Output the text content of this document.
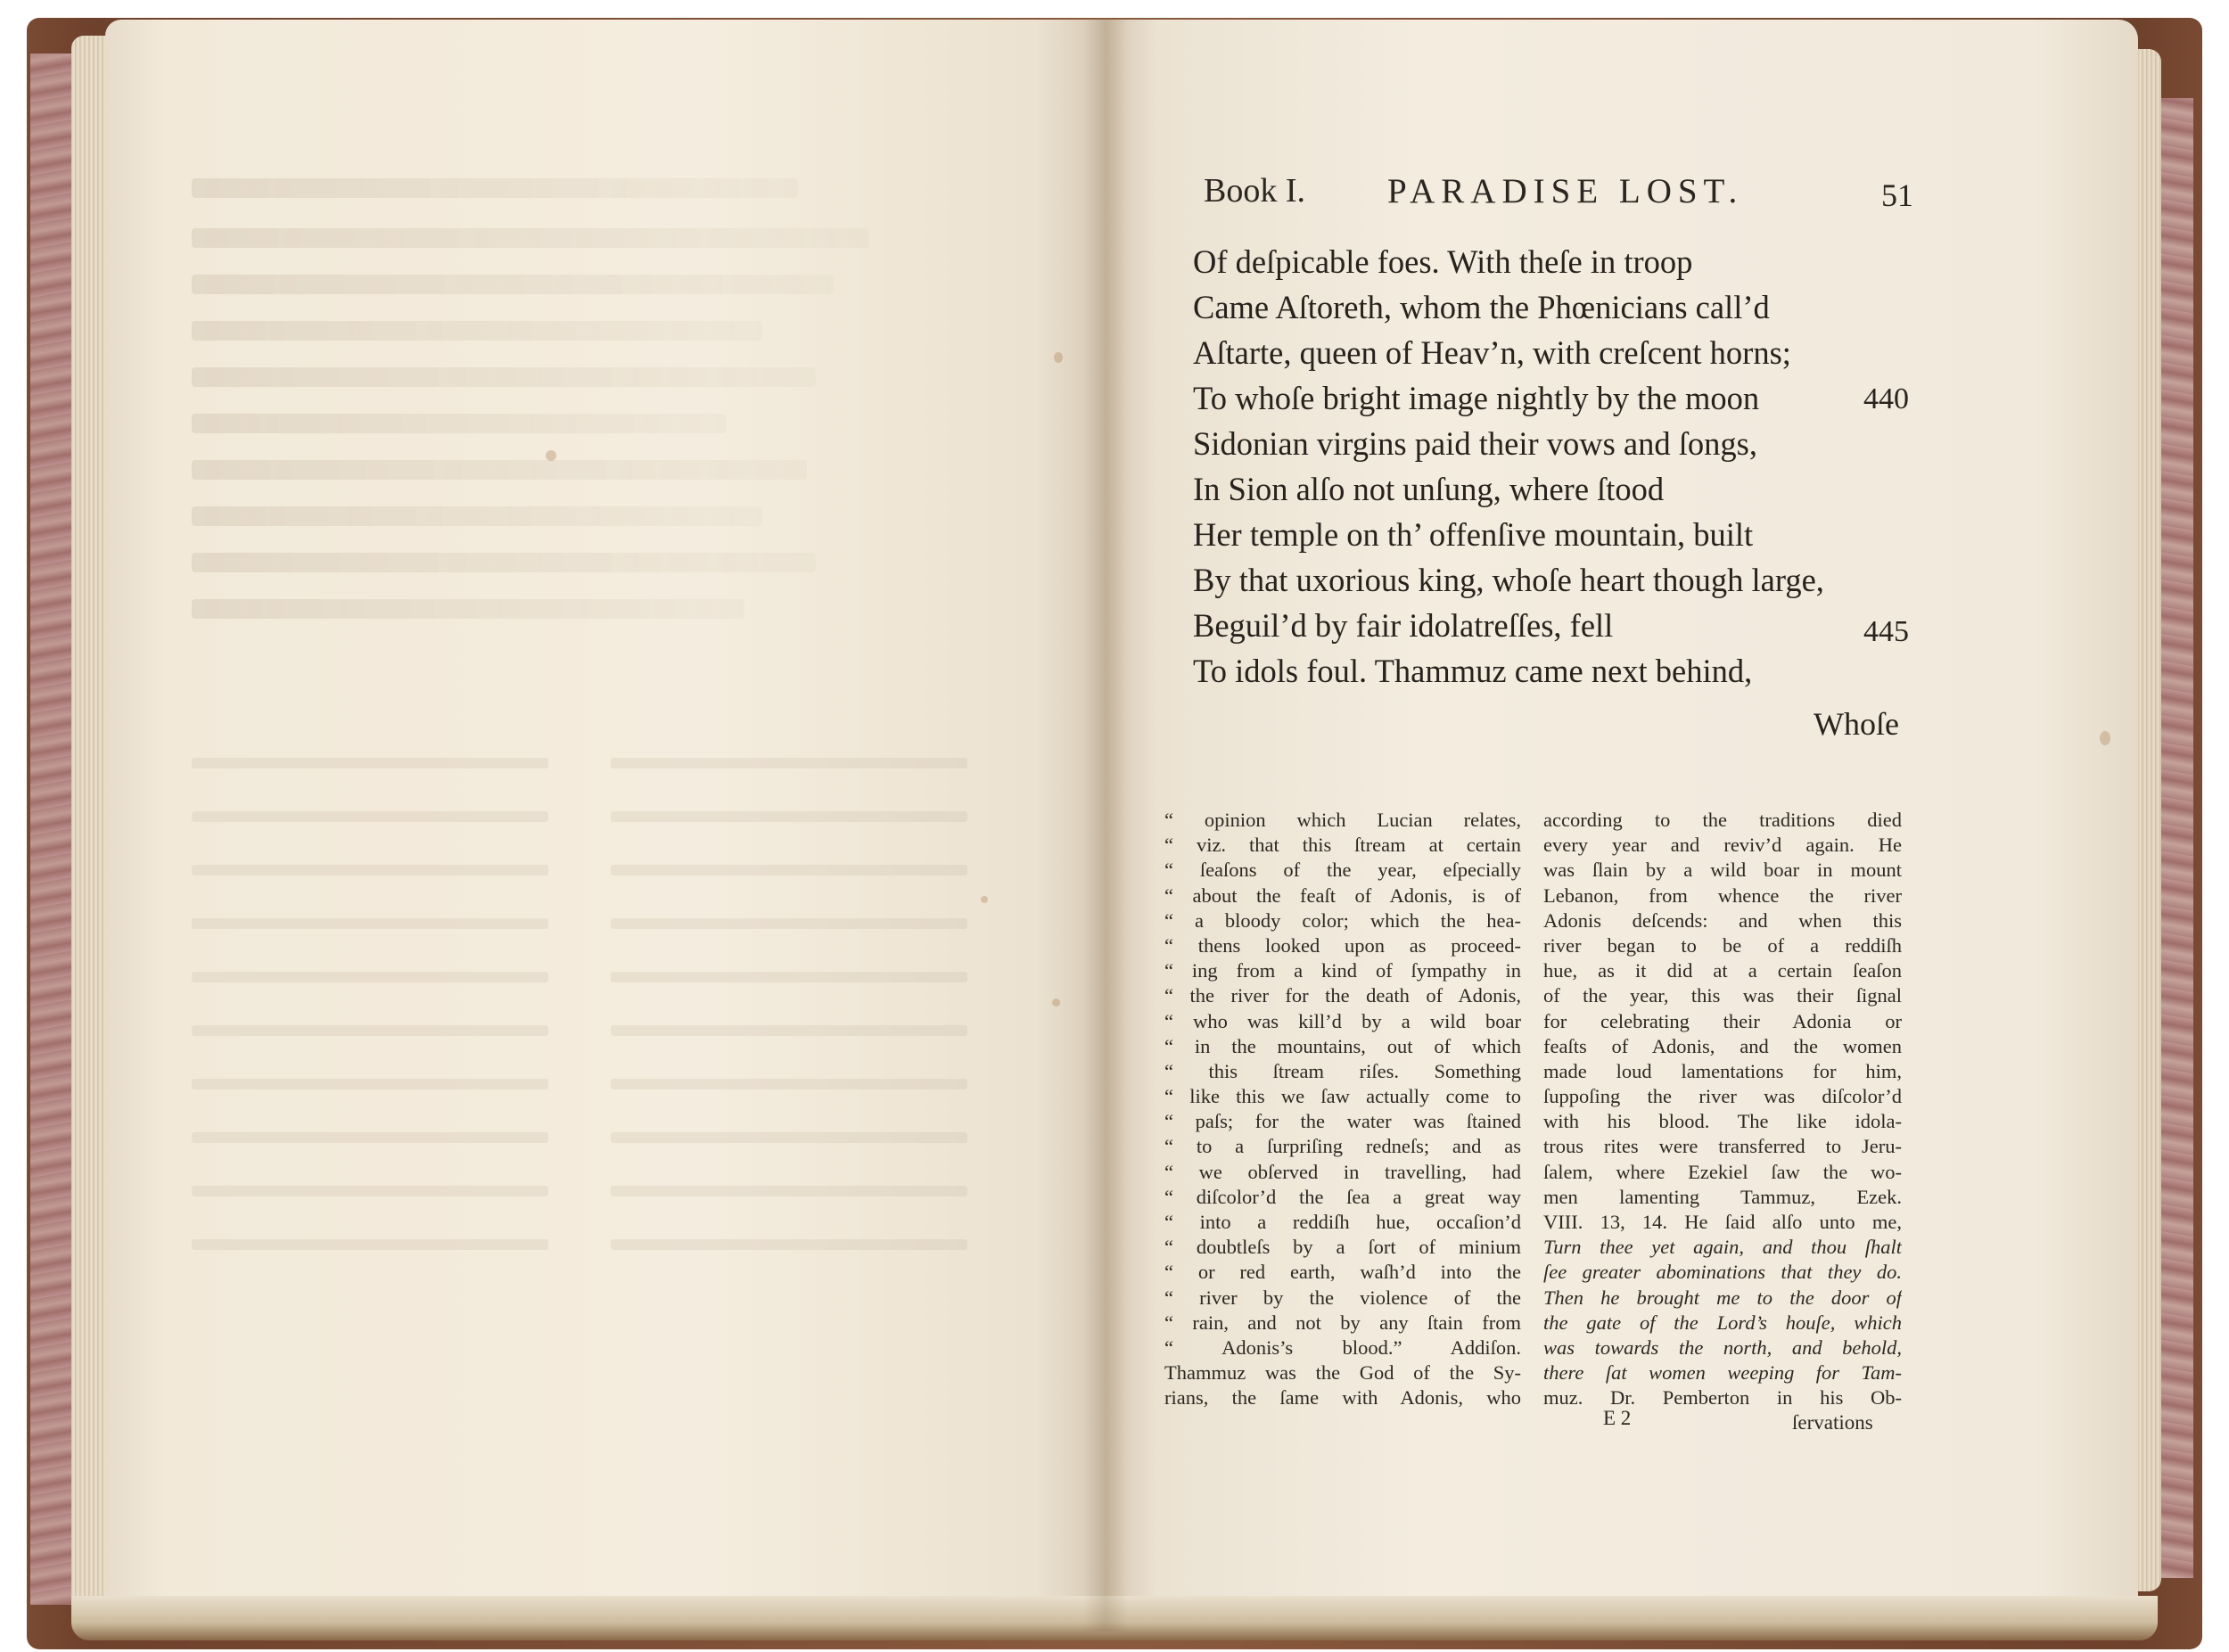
Book I. PARADISE LOST.	51
Of deſpicable foes. With theſe in troop
Came Aſtoreth, whom the Phœnicians call’d
Aſtarte, queen of Heav’n, with creſcent horns;
To whoſe bright image nightly by the moon	440
Sidonian virgins paid their vows and ſongs,
In Sion alſo not unſung, where ſtood
Her temple on th’ offenſive mountain, built
By that uxorious king, whoſe heart though large,
Beguil’d by fair idolatreſſes, fell	445
To idols foul. Thammuz came next behind,
Whoſe
“ opinion which Lucian relates,
“ viz. that this ſtream at certain
“ ſeaſons of the year, eſpecially
“ about the feaſt of Adonis, is of
“ a bloody color; which the hea-
“ thens looked upon as proceed-
“ ing from a kind of ſympathy in
“ the river for the death of Adonis,
“ who was kill’d by a wild boar
“ in the mountains, out of which
“ this ſtream riſes. Something
“ like this we ſaw actually come to
“ paſs; for the water was ſtained
“ to a ſurpriſing redneſs; and as
“ we obſerved in travelling, had
“ diſcolor’d the ſea a great way
“ into a reddiſh hue, occaſion’d
“ doubtleſs by a ſort of minium
“ or red earth, waſh’d into the
“ river by the violence of the
“ rain, and not by any ſtain from
“ Adonis’s blood.” Addiſon.
Thammuz was the God of the Sy-
rians, the ſame with Adonis, who
according to the traditions died
every year and reviv’d again. He
was ſlain by a wild boar in mount
Lebanon, from whence the river
Adonis deſcends: and when this
river began to be of a reddiſh
hue, as it did at a certain ſeaſon
of the year, this was their ſignal
for celebrating their Adonia or
feaſts of Adonis, and the women
made loud lamentations for him,
ſuppoſing the river was diſcolor’d
with his blood. The like idola-
trous rites were transferred to Jeru-
ſalem, where Ezekiel ſaw the wo-
men lamenting Tammuz, Ezek.
VIII. 13, 14. He ſaid alſo unto me,
Turn thee yet again, and thou ſhalt
ſee greater abominations that they do.
Then he brought me to the door of
the gate of the Lord’s houſe, which
was towards the north, and behold,
there ſat women weeping for Tam-
muz. Dr. Pemberton in his Ob-
E 2	ſervations
